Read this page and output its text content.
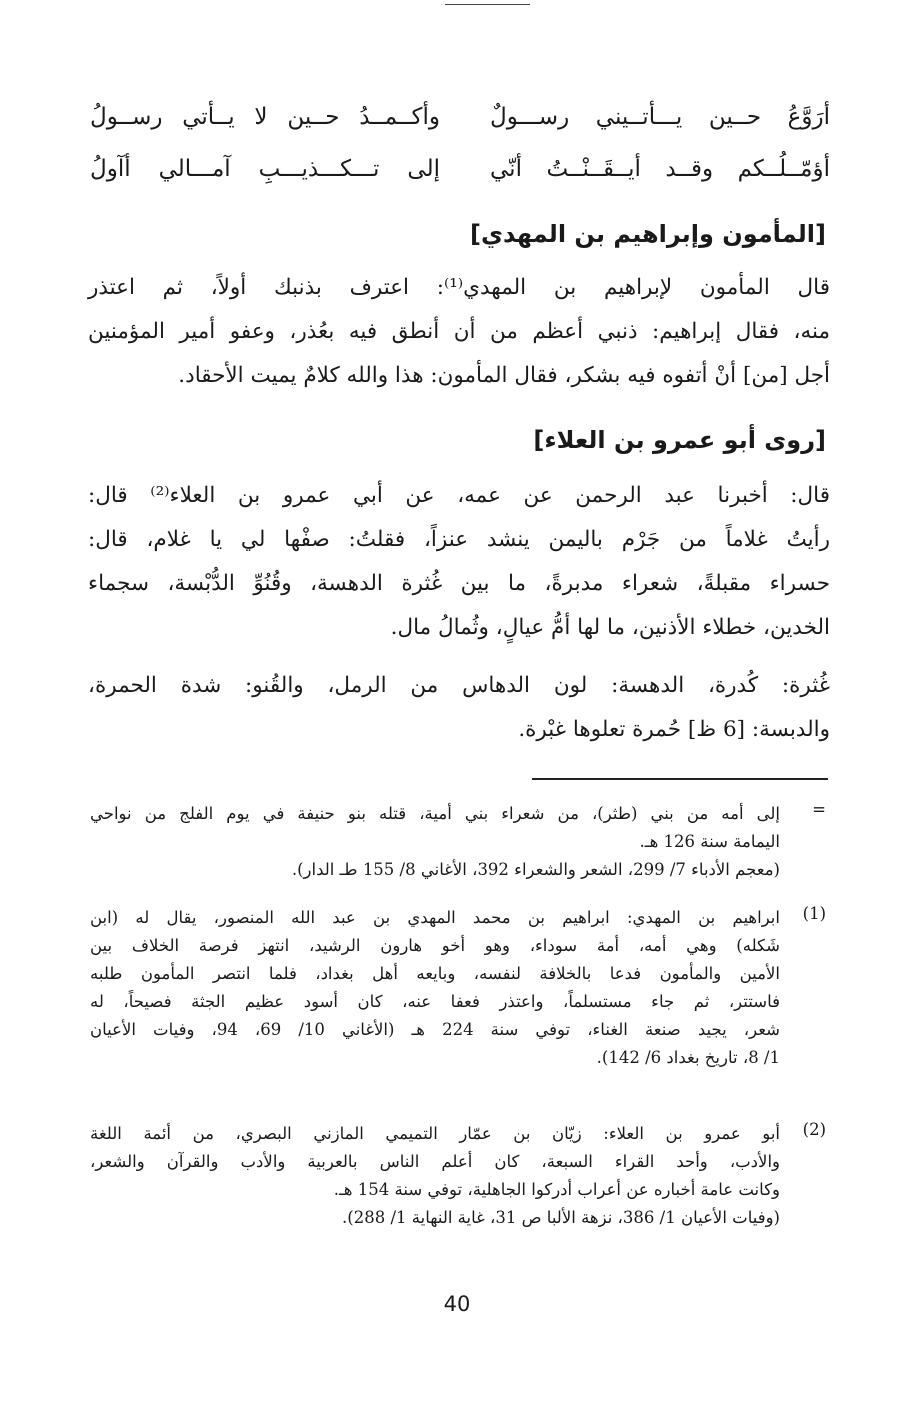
أرَوَّعُ حــين يـــأتــيني رســـولٌ
وأكــمــدُ حــين لا يــأتي رســولُ
أؤمّــلُــكم وقــد أيــقَــنْــتُ أنّي
إلى تـــكـــذيـــبِ آمـــالي أآولُ
[المأمون وإبراهيم بن المهدي]
قال المأمون لإبراهيم بن المهدي⁽¹⁾: اعترف بذنبك أولاً، ثم اعتذر
منه، فقال إبراهيم: ذنبي أعظم من أن أنطق فيه بعُذر، وعفو أمير المؤمنين
أجل [من] أنْ أتفوه فيه بشكر، فقال المأمون: هذا والله كلامٌ يميت الأحقاد.
[روى أبو عمرو بن العلاء]
قال: أخبرنا عبد الرحمن عن عمه، عن أبي عمرو بن العلاء⁽²⁾ قال:
رأيتُ غلاماً من جَرْم باليمن ينشد عنزاً، فقلتُ: صفْها لي يا غلام، قال:
حسراء مقبلةً، شعراء مدبرةً، ما بين غُثرة الدهسة، وقُنُوِّ الدُّبْسة، سجماء
الخدين، خطلاء الأذنين، ما لها أمُّ عيالٍ، وثُمالُ مال.
غُثرة: كُدرة، الدهسة: لون الدهاس من الرمل، والقُنو: شدة الحمرة،
والدبسة: [6 ظ] حُمرة تعلوها غبْرة.
=
إلى أمه من بني (طثر)، من شعراء بني أمية، قتله بنو حنيفة في يوم الفلج من نواحي
اليمامة سنة 126 هـ.
(معجم الأدباء 7/ 299، الشعر والشعراء 392، الأغاني 8/ 155 طـ الدار).
(1)
ابراهيم بن المهدي: ابراهيم بن محمد المهدي بن عبد الله المنصور، يقال له (ابن
شَكله) وهي أمه، أمة سوداء، وهو أخو هارون الرشيد، انتهز فرصة الخلاف بين
الأمين والمأمون فدعا بالخلافة لنفسه، وبايعه أهل بغداد، فلما انتصر المأمون طلبه
فاستتر، ثم جاء مستسلماً، واعتذر فعفا عنه، كان أسود عظيم الجثة فصيحاً، له
شعر، يجيد صنعة الغناء، توفي سنة 224 هـ (الأغاني 10/ 69، 94، وفيات الأعيان
1/ 8، تاريخ بغداد 6/ 142).
(2)
أبو عمرو بن العلاء: زيّان بن عمّار التميمي المازني البصري، من أئمة اللغة
والأدب، وأحد القراء السبعة، كان أعلم الناس بالعربية والأدب والقرآن والشعر،
وكانت عامة أخباره عن أعراب أدركوا الجاهلية، توفي سنة 154 هـ.
(وفيات الأعيان 1/ 386، نزهة الألبا ص 31، غاية النهاية 1/ 288).
40
